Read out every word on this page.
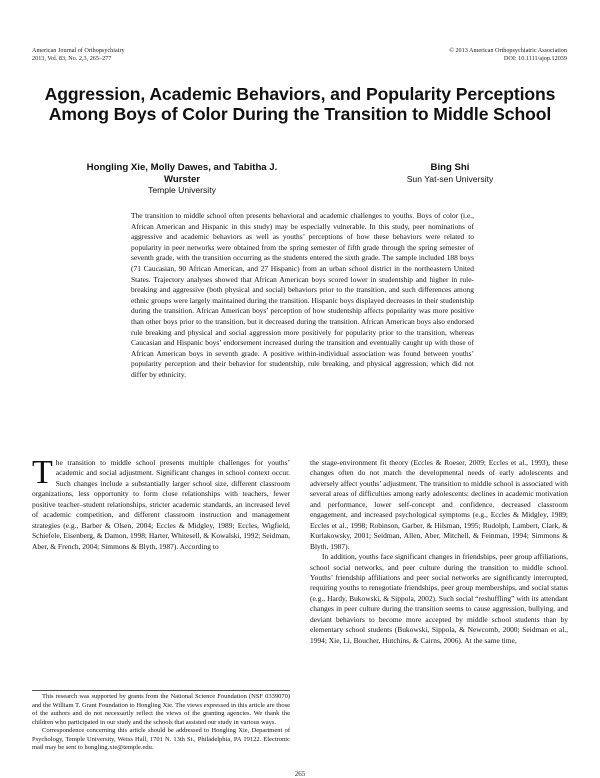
American Journal of Orthopsychiatry
2013, Vol. 83, No. 2,3, 265–277
© 2013 American Orthopsychiatric Association
DOI: 10.1111/ajop.12039
Aggression, Academic Behaviors, and Popularity Perceptions Among Boys of Color During the Transition to Middle School
Hongling Xie, Molly Dawes, and Tabitha J. Wurster
Temple University
Bing Shi
Sun Yat-sen University
The transition to middle school often presents behavioral and academic challenges to youths. Boys of color (i.e., African American and Hispanic in this study) may be especially vulnerable. In this study, peer nominations of aggressive and academic behaviors as well as youths’ perceptions of how these behaviors were related to popularity in peer networks were obtained from the spring semester of fifth grade through the spring semester of seventh grade, with the transition occurring as the students entered the sixth grade. The sample included 188 boys (71 Caucasian, 90 African American, and 27 Hispanic) from an urban school district in the northeastern United States. Trajectory analyses showed that African American boys scored lower in studentship and higher in rule-breaking and aggressive (both physical and social) behaviors prior to the transition, and such differences among ethnic groups were largely maintained during the transition. Hispanic boys displayed decreases in their studentship during the transition. African American boys’ perception of how studentship affects popularity was more positive than other boys prior to the transition, but it decreased during the transition. African American boys also endorsed rule breaking and physical and social aggression more positively for popularity prior to the transition, whereas Caucasian and Hispanic boys’ endorsement increased during the transition and eventually caught up with those of African American boys in seventh grade. A positive within-individual association was found between youths’ popularity perception and their behavior for studentship, rule breaking, and physical aggression, which did not differ by ethnicity.

The transition to middle school presents multiple challenges for youths’ academic and social adjustment. Significant changes in school context occur. Such changes include a substantially larger school size, different classroom organizations, less opportunity to form close relationships with teachers, fewer positive teacher–student relationships, stricter academic standards, an increased level of academic competition, and different classroom instruction and management strategies (e.g., Barber & Olsen, 2004; Eccles & Midgley, 1989; Eccles, Wigfield, Schiefele, Eisenberg, & Damon, 1998; Harter, Whitesell, & Kowalski, 1992; Seidman, Aber, & French, 2004; Simmons & Blyth, 1987). According to

the stage-environment fit theory (Eccles & Roeser, 2009; Eccles et al., 1993), these changes often do not match the developmental needs of early adolescents and adversely affect youths’ adjustment. The transition to middle school is associated with several areas of difficulties among early adolescents: declines in academic motivation and performance, lower self-concept and confidence, decreased classroom engagement, and increased psychological symptoms (e.g., Eccles & Midgley, 1989; Eccles et al., 1998; Robinson, Garber, & Hilsman, 1995; Rudolph, Lambert, Clark, & Kurlakowsky, 2001; Seidman, Allen, Aber, Mitchell, & Feinman, 1994; Simmons & Blyth, 1987).

In addition, youths face significant changes in friendships, peer group affiliations, school social networks, and peer culture during the transition to middle school. Youths’ friendship affiliations and peer social networks are significantly interrupted, requiring youths to renegotiate friendships, peer group memberships, and social status (e.g., Hardy, Bukowski, & Sippola, 2002). Such social “reshuffling” with its attendant changes in peer culture during the transition seems to cause aggression, bullying, and deviant behaviors to become more accepted by middle school students than by elementary school students (Bukowski, Sippola, & Newcomb, 2000; Seidman et al., 1994; Xie, Li, Boucher, Hutchins, & Cairns, 2006). At the same time,

This research was supported by grants from the National Science Foundation (NSF 0339070) and the William T. Grant Foundation to Hongling Xie. The views expressed in this article are those of the authors and do not necessarily reflect the views of the granting agencies. We thank the children who participated in our study and the schools that assisted our study in various ways.

Correspondence concerning this article should be addressed to Hongling Xie, Department of Psychology, Temple University, Weiss Hall, 1701 N. 13th St., Philadelphia, PA 19122. Electronic mail may be sent to hongling.xie@temple.edu.

265
